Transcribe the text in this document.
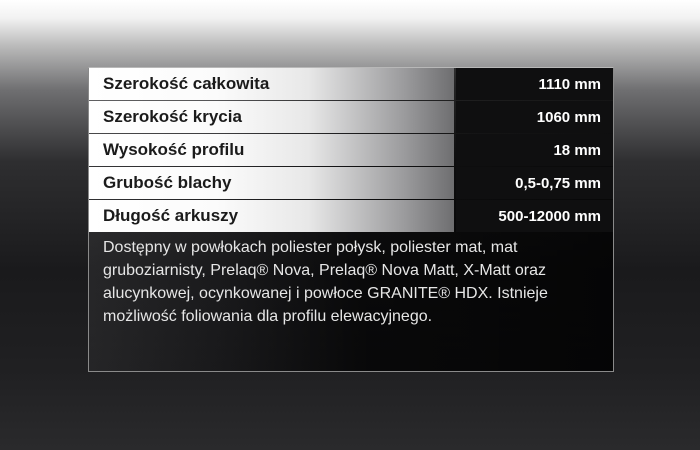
Szerokość całkowita	1110 mm
Szerokość krycia	1060 mm
Wysokość profilu	18 mm
Grubość blachy	0,5-0,75 mm
Długość arkuszy	500-12000 mm
Dostępny w powłokach poliester połysk, poliester mat, mat gruboziarnisty, Prelaq® Nova, Prelaq® Nova Matt, X-Matt oraz alucynkowej, ocynkowanej i powłoce GRANITE® HDX. Istnieje możliwość foliowania dla profilu elewacyjnego.
